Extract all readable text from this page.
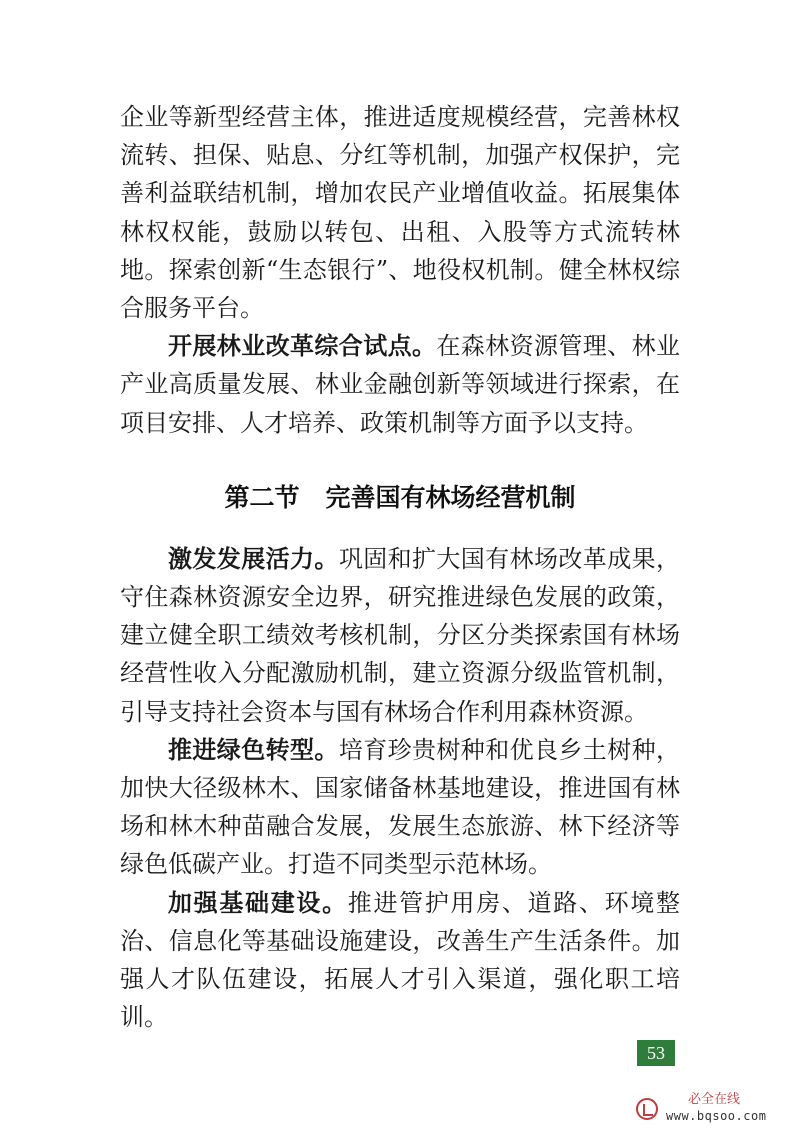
企业等新型经营主体，推进适度规模经营，完善林权流转、担保、贴息、分红等机制，加强产权保护，完善利益联结机制，增加农民产业增值收益。拓展集体林权权能，鼓励以转包、出租、入股等方式流转林地。探索创新“生态银行”、地役权机制。健全林权综合服务平台。

开展林业改革综合试点。在森林资源管理、林业产业高质量发展、林业金融创新等领域进行探索，在项目安排、人才培养、政策机制等方面予以支持。

第二节 完善国有林场经营机制

激发发展活力。巩固和扩大国有林场改革成果，守住森林资源安全边界，研究推进绿色发展的政策，建立健全职工绩效考核机制，分区分类探索国有林场经营性收入分配激励机制，建立资源分级监管机制，引导支持社会资本与国有林场合作利用森林资源。

推进绿色转型。培育珍贵树种和优良乡土树种，加快大径级林木、国家储备林基地建设，推进国有林场和林木种苗融合发展，发展生态旅游、林下经济等绿色低碳产业。打造不同类型示范林场。

加强基础建设。推进管护用房、道路、环境整治、信息化等基础设施建设，改善生产生活条件。加强人才队伍建设，拓展人才引入渠道，强化职工培训。

53
必全在线
www.bqsoo.com
